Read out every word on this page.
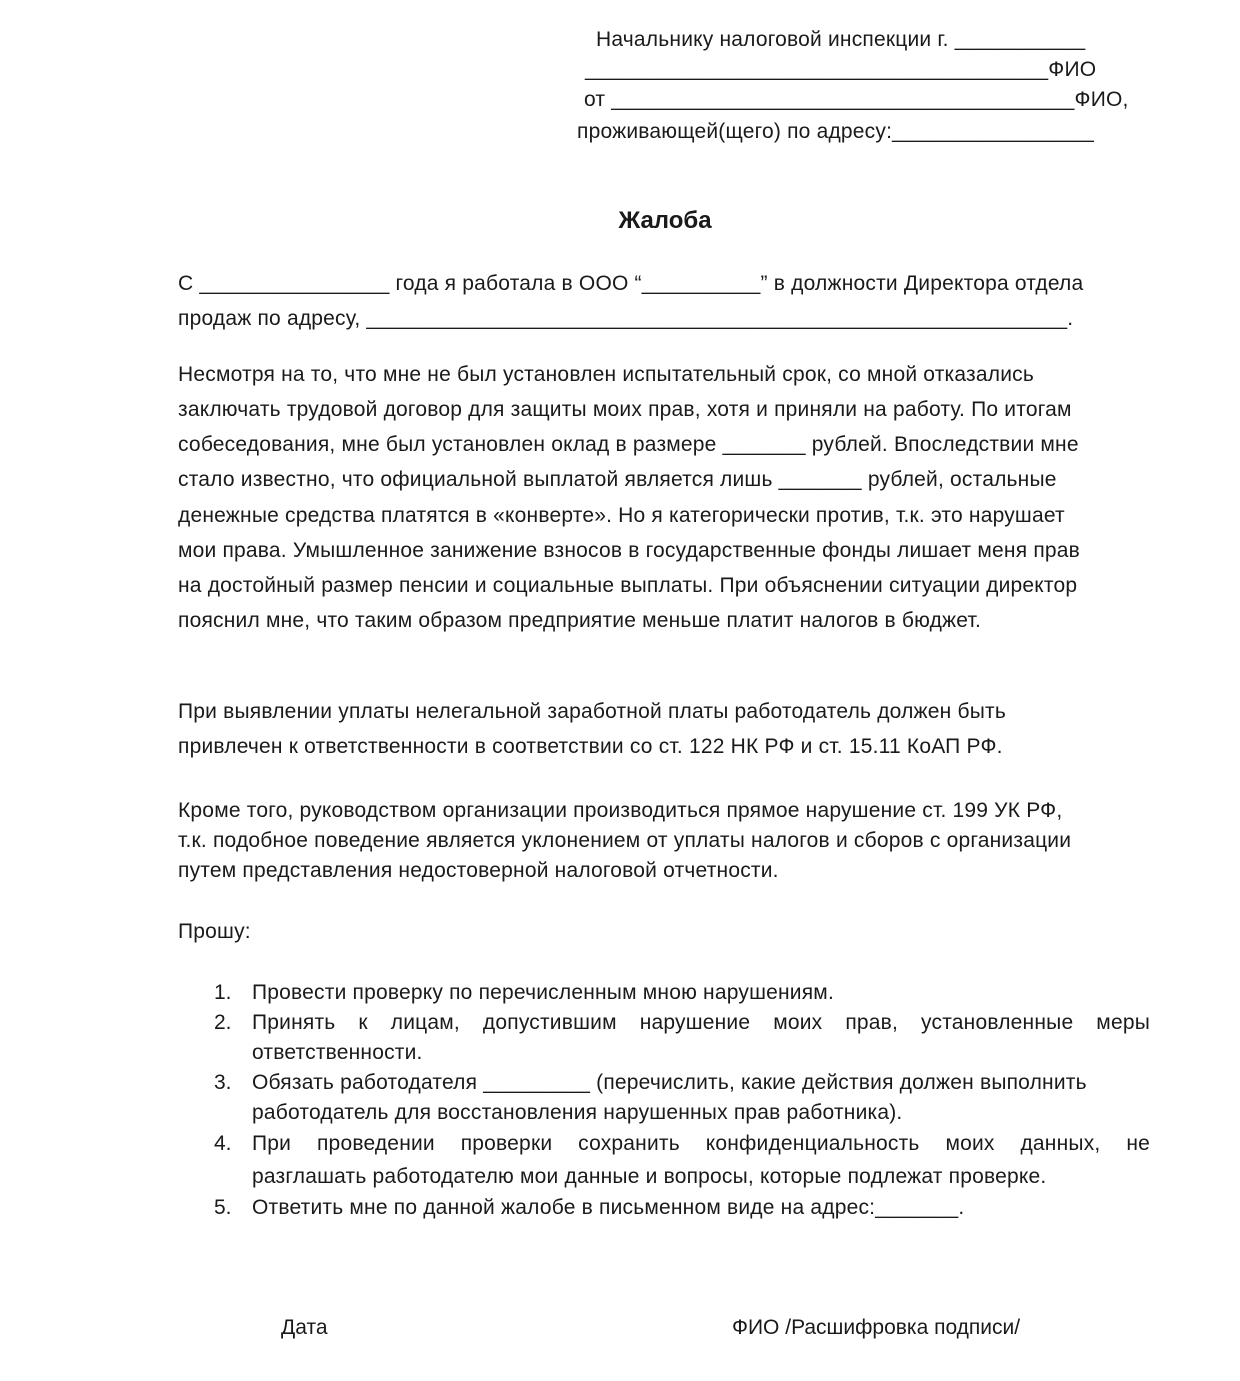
Начальнику налоговой инспекции г. ___________
_______________________________________ФИО
от _______________________________________ФИО,
проживающей(щего) по адресу:_________________
Жалоба
С ________________ года я работала в ООО “__________” в должности Директора отдела
продаж по адресу, ___________________________________________________________.
Несмотря на то, что мне не был установлен испытательный срок, со мной отказались
заключать трудовой договор для защиты моих прав, хотя и приняли на работу. По итогам
собеседования, мне был установлен оклад в размере _______ рублей. Впоследствии мне
стало известно, что официальной выплатой является лишь _______ рублей, остальные
денежные средства платятся в «конверте». Но я категорически против, т.к. это нарушает
мои права. Умышленное занижение взносов в государственные фонды лишает меня прав
на достойный размер пенсии и социальные выплаты. При объяснении ситуации директор
пояснил мне, что таким образом предприятие меньше платит налогов в бюджет.
При выявлении уплаты нелегальной заработной платы работодатель должен быть
привлечен к ответственности в соответствии со ст. 122 НК РФ и ст. 15.11 КоАП РФ.
Кроме того, руководством организации производиться прямое нарушение ст. 199 УК РФ,
т.к. подобное поведение является уклонением от уплаты налогов и сборов с организации
путем представления недостоверной налоговой отчетности.
Прошу:
1. Провести проверку по перечисленным мною нарушениям.
2. Принять к лицам, допустившим нарушение моих прав, установленные меры
ответственности.
3. Обязать работодателя _________ (перечислить, какие действия должен выполнить
работодатель для восстановления нарушенных прав работника).
4. При проведении проверки сохранить конфиденциальность моих данных, не
разглашать работодателю мои данные и вопросы, которые подлежат проверке.
5. Ответить мне по данной жалобе в письменном виде на адрес:_______.
Дата	ФИО /Расшифровка подписи/
